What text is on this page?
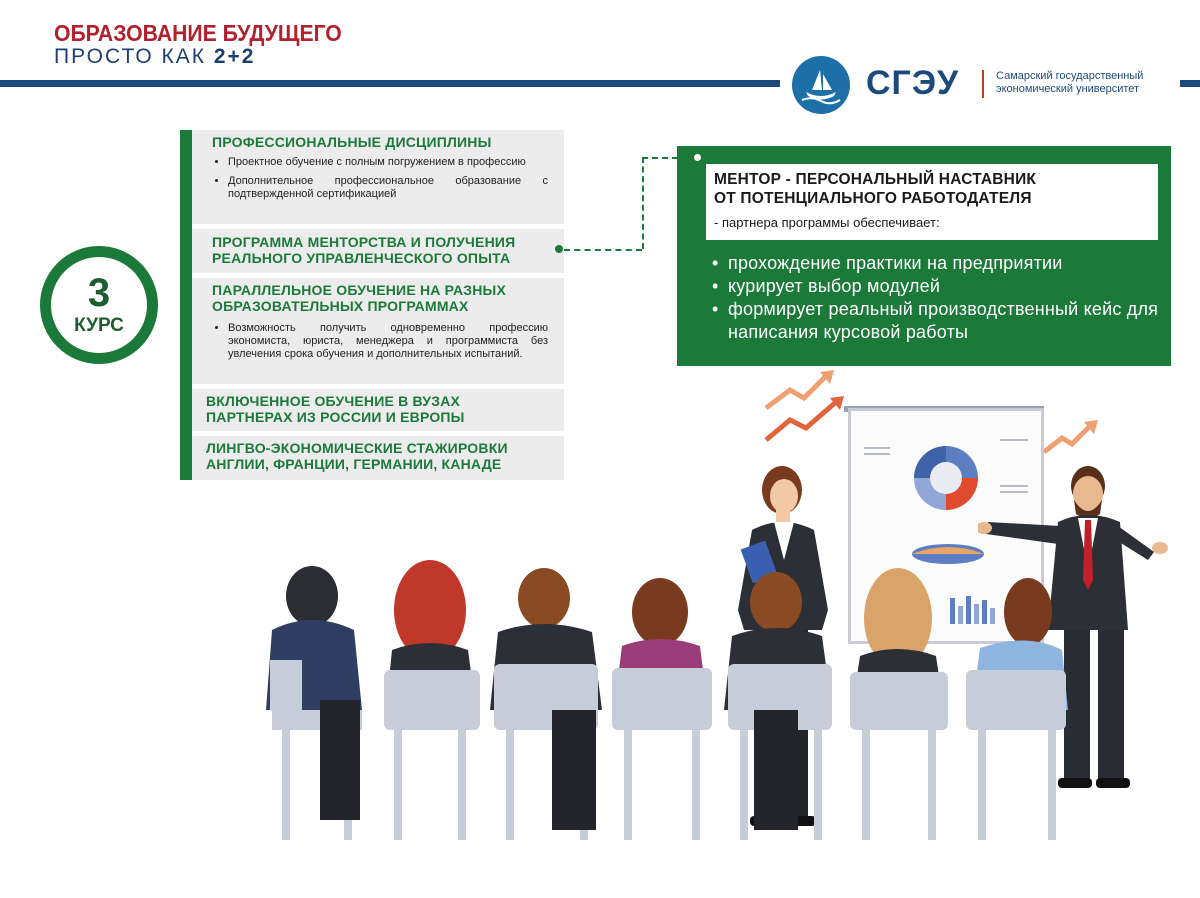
ОБРАЗОВАНИЕ БУДУЩЕГО
ПРОСТО КАК 2+2
СГЭУ	Самарский государственный
экономический университет
3
КУРС
ПРОФЕССИОНАЛЬНЫЕ ДИСЦИПЛИНЫ
• Проектное обучение с полным погружением в профессию
• Дополнительное профессиональное образование с подтвержденной сертификацией
ПРОГРАММА МЕНТОРСТВА И ПОЛУЧЕНИЯ РЕАЛЬНОГО УПРАВЛЕНЧЕСКОГО ОПЫТА
ПАРАЛЛЕЛЬНОЕ ОБУЧЕНИЕ НА РАЗНЫХ ОБРАЗОВАТЕЛЬНЫХ ПРОГРАММАХ
• Возможность получить одновременно профессию экономиста, юриста, менеджера и программиста без увлечения срока обучения и дополнительных испытаний.
ВКЛЮЧЕННОЕ ОБУЧЕНИЕ В ВУЗАХ ПАРТНЕРАХ ИЗ РОССИИ И ЕВРОПЫ
ЛИНГВО-ЭКОНОМИЧЕСКИЕ СТАЖИРОВКИ АНГЛИИ, ФРАНЦИИ, ГЕРМАНИИ, КАНАДЕ
МЕНТОР - ПЕРСОНАЛЬНЫЙ НАСТАВНИК
ОТ ПОТЕНЦИАЛЬНОГО РАБОТОДАТЕЛЯ
- партнера программы обеспечивает:
• прохождение практики на предприятии
• курирует выбор модулей
• формирует реальный производственный кейс для написания курсовой работы
